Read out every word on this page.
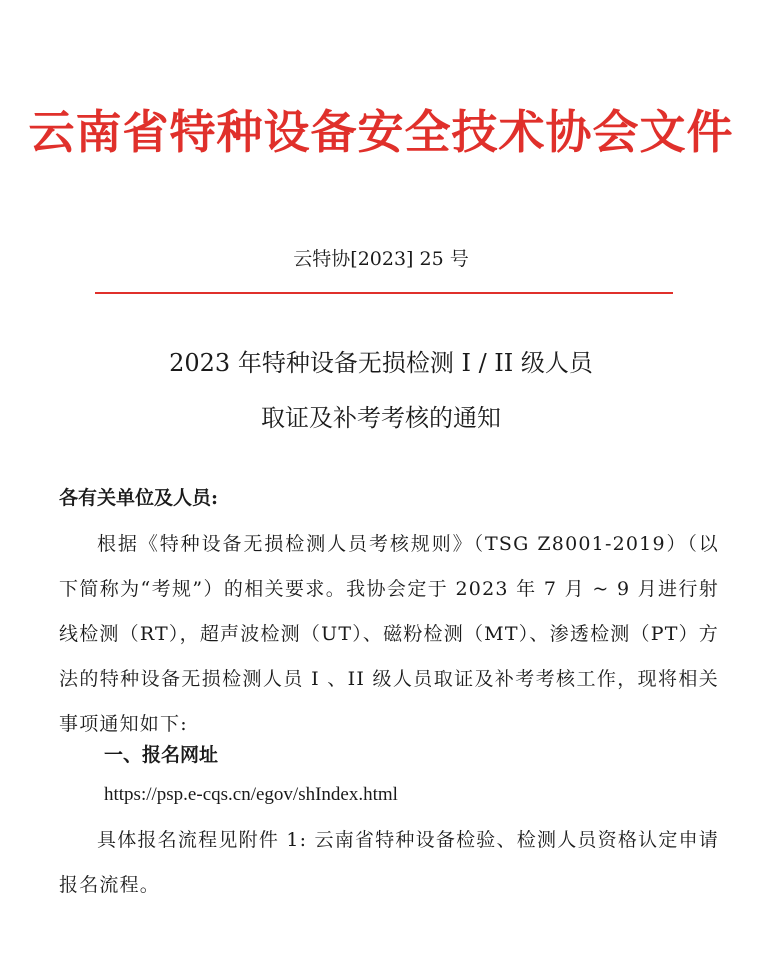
云南省特种设备安全技术协会文件
云特协[2023] 25 号
2023 年特种设备无损检测 I / II 级人员
取证及补考考核的通知
各有关单位及人员:
根据《特种设备无损检测人员考核规则》（TSG Z8001-2019）（以下简称为“考规”）的相关要求。我协会定于 2023 年 7 月 ~ 9 月进行射线检测（RT），超声波检测（UT）、磁粉检测（MT）、渗透检测（PT）方法的特种设备无损检测人员 I 、II 级人员取证及补考考核工作，现将相关事项通知如下:
一、报名网址
https://psp.e-cqs.cn/egov/shIndex.html
具体报名流程见附件 1: 云南省特种设备检验、检测人员资格认定申请报名流程。
